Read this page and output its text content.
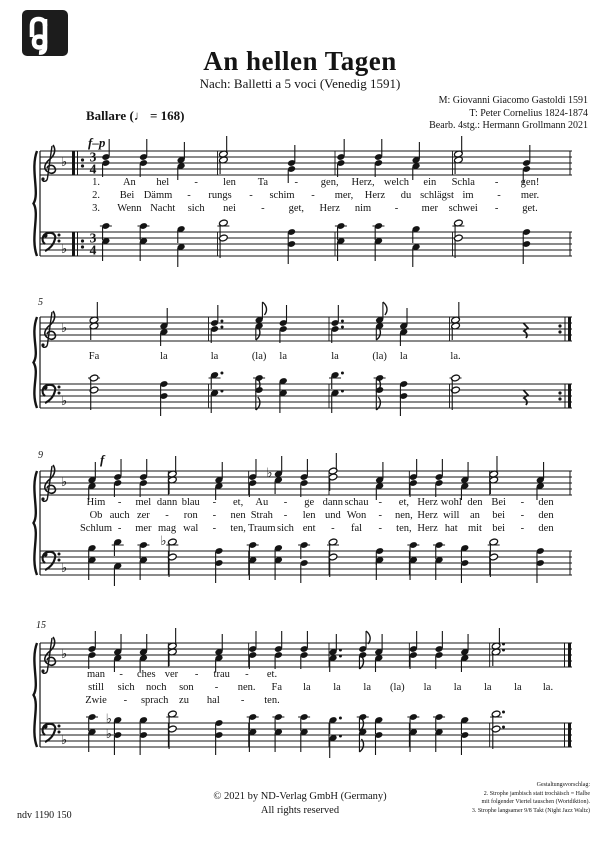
An hellen Tagen
Nach: Balletti a 5 voci (Venedig 1591)
M: Giovanni Giacomo Gastoldi 1591
T: Peter Cornelius 1824-1874
Bearb. 4stg.: Hermann Grollmann 2021
Ballare (♩ = 168)
f–p
1. An hel - len Ta	- gen, Herz, welch ein Schla - gen!
2. Bei Dämm - rungs - schim - mer, Herz du schlägst im - mer.
3. Wenn Nacht sich nei - get, Herz nim - mer schwei - get.
♭
♭
3
4
3
4
5
Fa	la	la	(la) la	la	(la) la	la.
♭
♭
9	f
Him - mel dann blau - et, Au - ge dann schau - et, Herz wohl den Bei - den
Ob auch zer - ron - nen Strah - len und Won - nen, Herz will an bei - den
Schlum - mer mag wal - ten, Traumsich ent - fal - ten, Herz hat mit bei - den
♭
♭
♭
♭
15
man - ches ver - trau - et.
still sich noch son - nen. Fa la la la (la) la la la la la.
Zwie - sprach zu hal - ten.
♭
♭
♭
♭
ndv 1190 150
© 2021 by ND-Verlag GmbH (Germany)
All rights reserved
Gestaltungsvorschlag:
2. Strophe jambisch statt trochäisch = Halbe
mit folgender Viertel tauschen (Wortdiktion).
3. Strophe langsamer 9/8 Takt (Night Jazz Waltz)
